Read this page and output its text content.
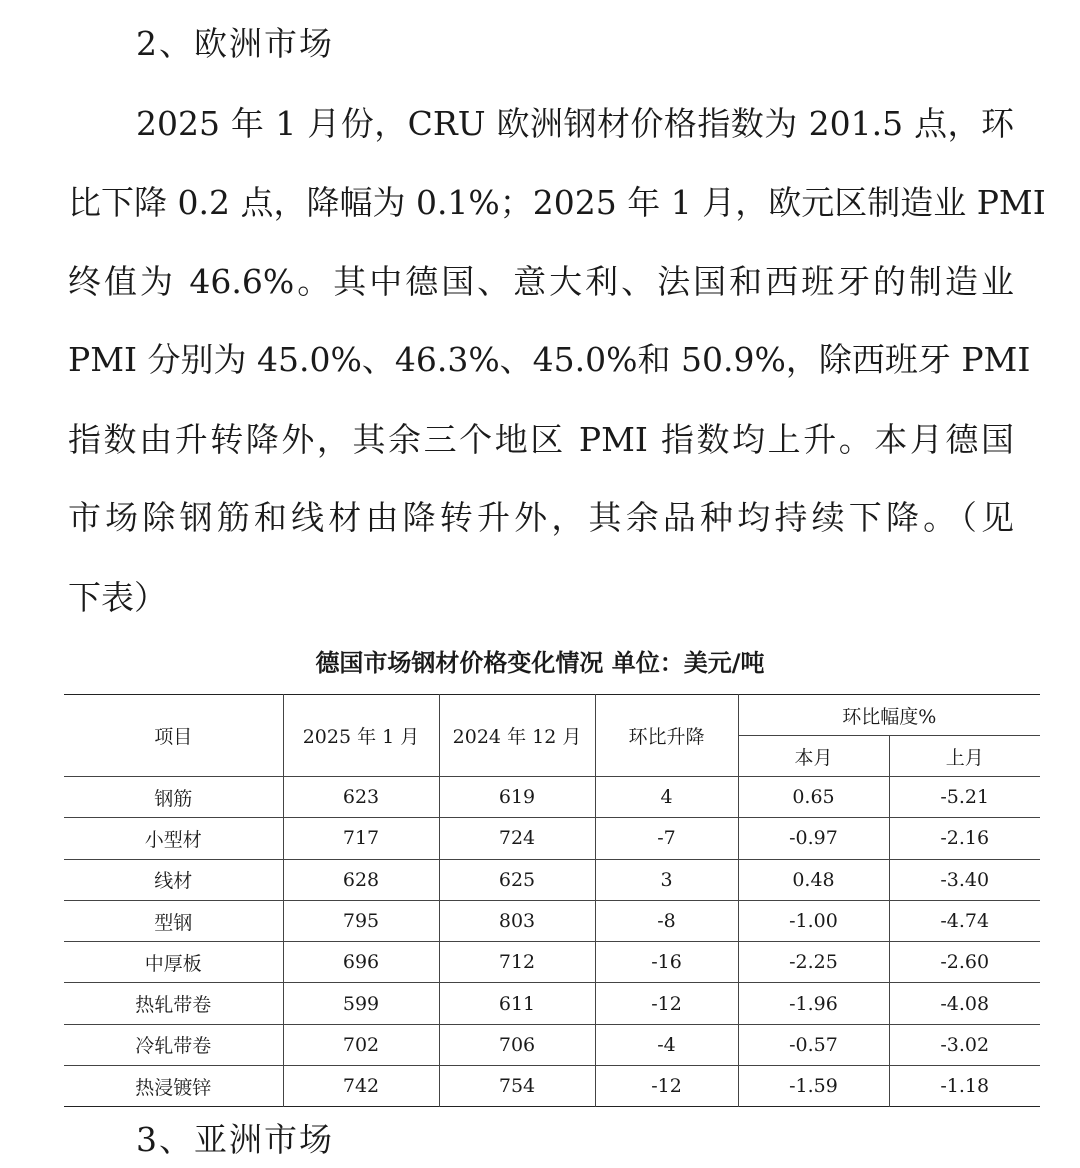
2、欧洲市场
2025 年 1 月份，CRU 欧洲钢材价格指数为 201.5 点，环
比下降 0.2 点，降幅为 0.1%；2025 年 1 月，欧元区制造业 PMI
终值为 46.6%。其中德国、意大利、法国和西班牙的制造业
PMI 分别为 45.0%、46.3%、45.0%和 50.9%，除西班牙 PMI
指数由升转降外，其余三个地区 PMI 指数均上升。本月德国
市场除钢筋和线材由降转升外，其余品种均持续下降。（见
下表）
德国市场钢材价格变化情况 单位：美元/吨
项目	2025 年 1 月	2024 年 12 月	环比升降	环比幅度%	
				本月	上月
钢筋	623	619	4	0.65	-5.21
小型材	717	724	-7	-0.97	-2.16
线材	628	625	3	0.48	-3.40
型钢	795	803	-8	-1.00	-4.74
中厚板	696	712	-16	-2.25	-2.60
热轧带卷	599	611	-12	-1.96	-4.08
冷轧带卷	702	706	-4	-0.57	-3.02
热浸镀锌	742	754	-12	-1.59	-1.18
3、亚洲市场
